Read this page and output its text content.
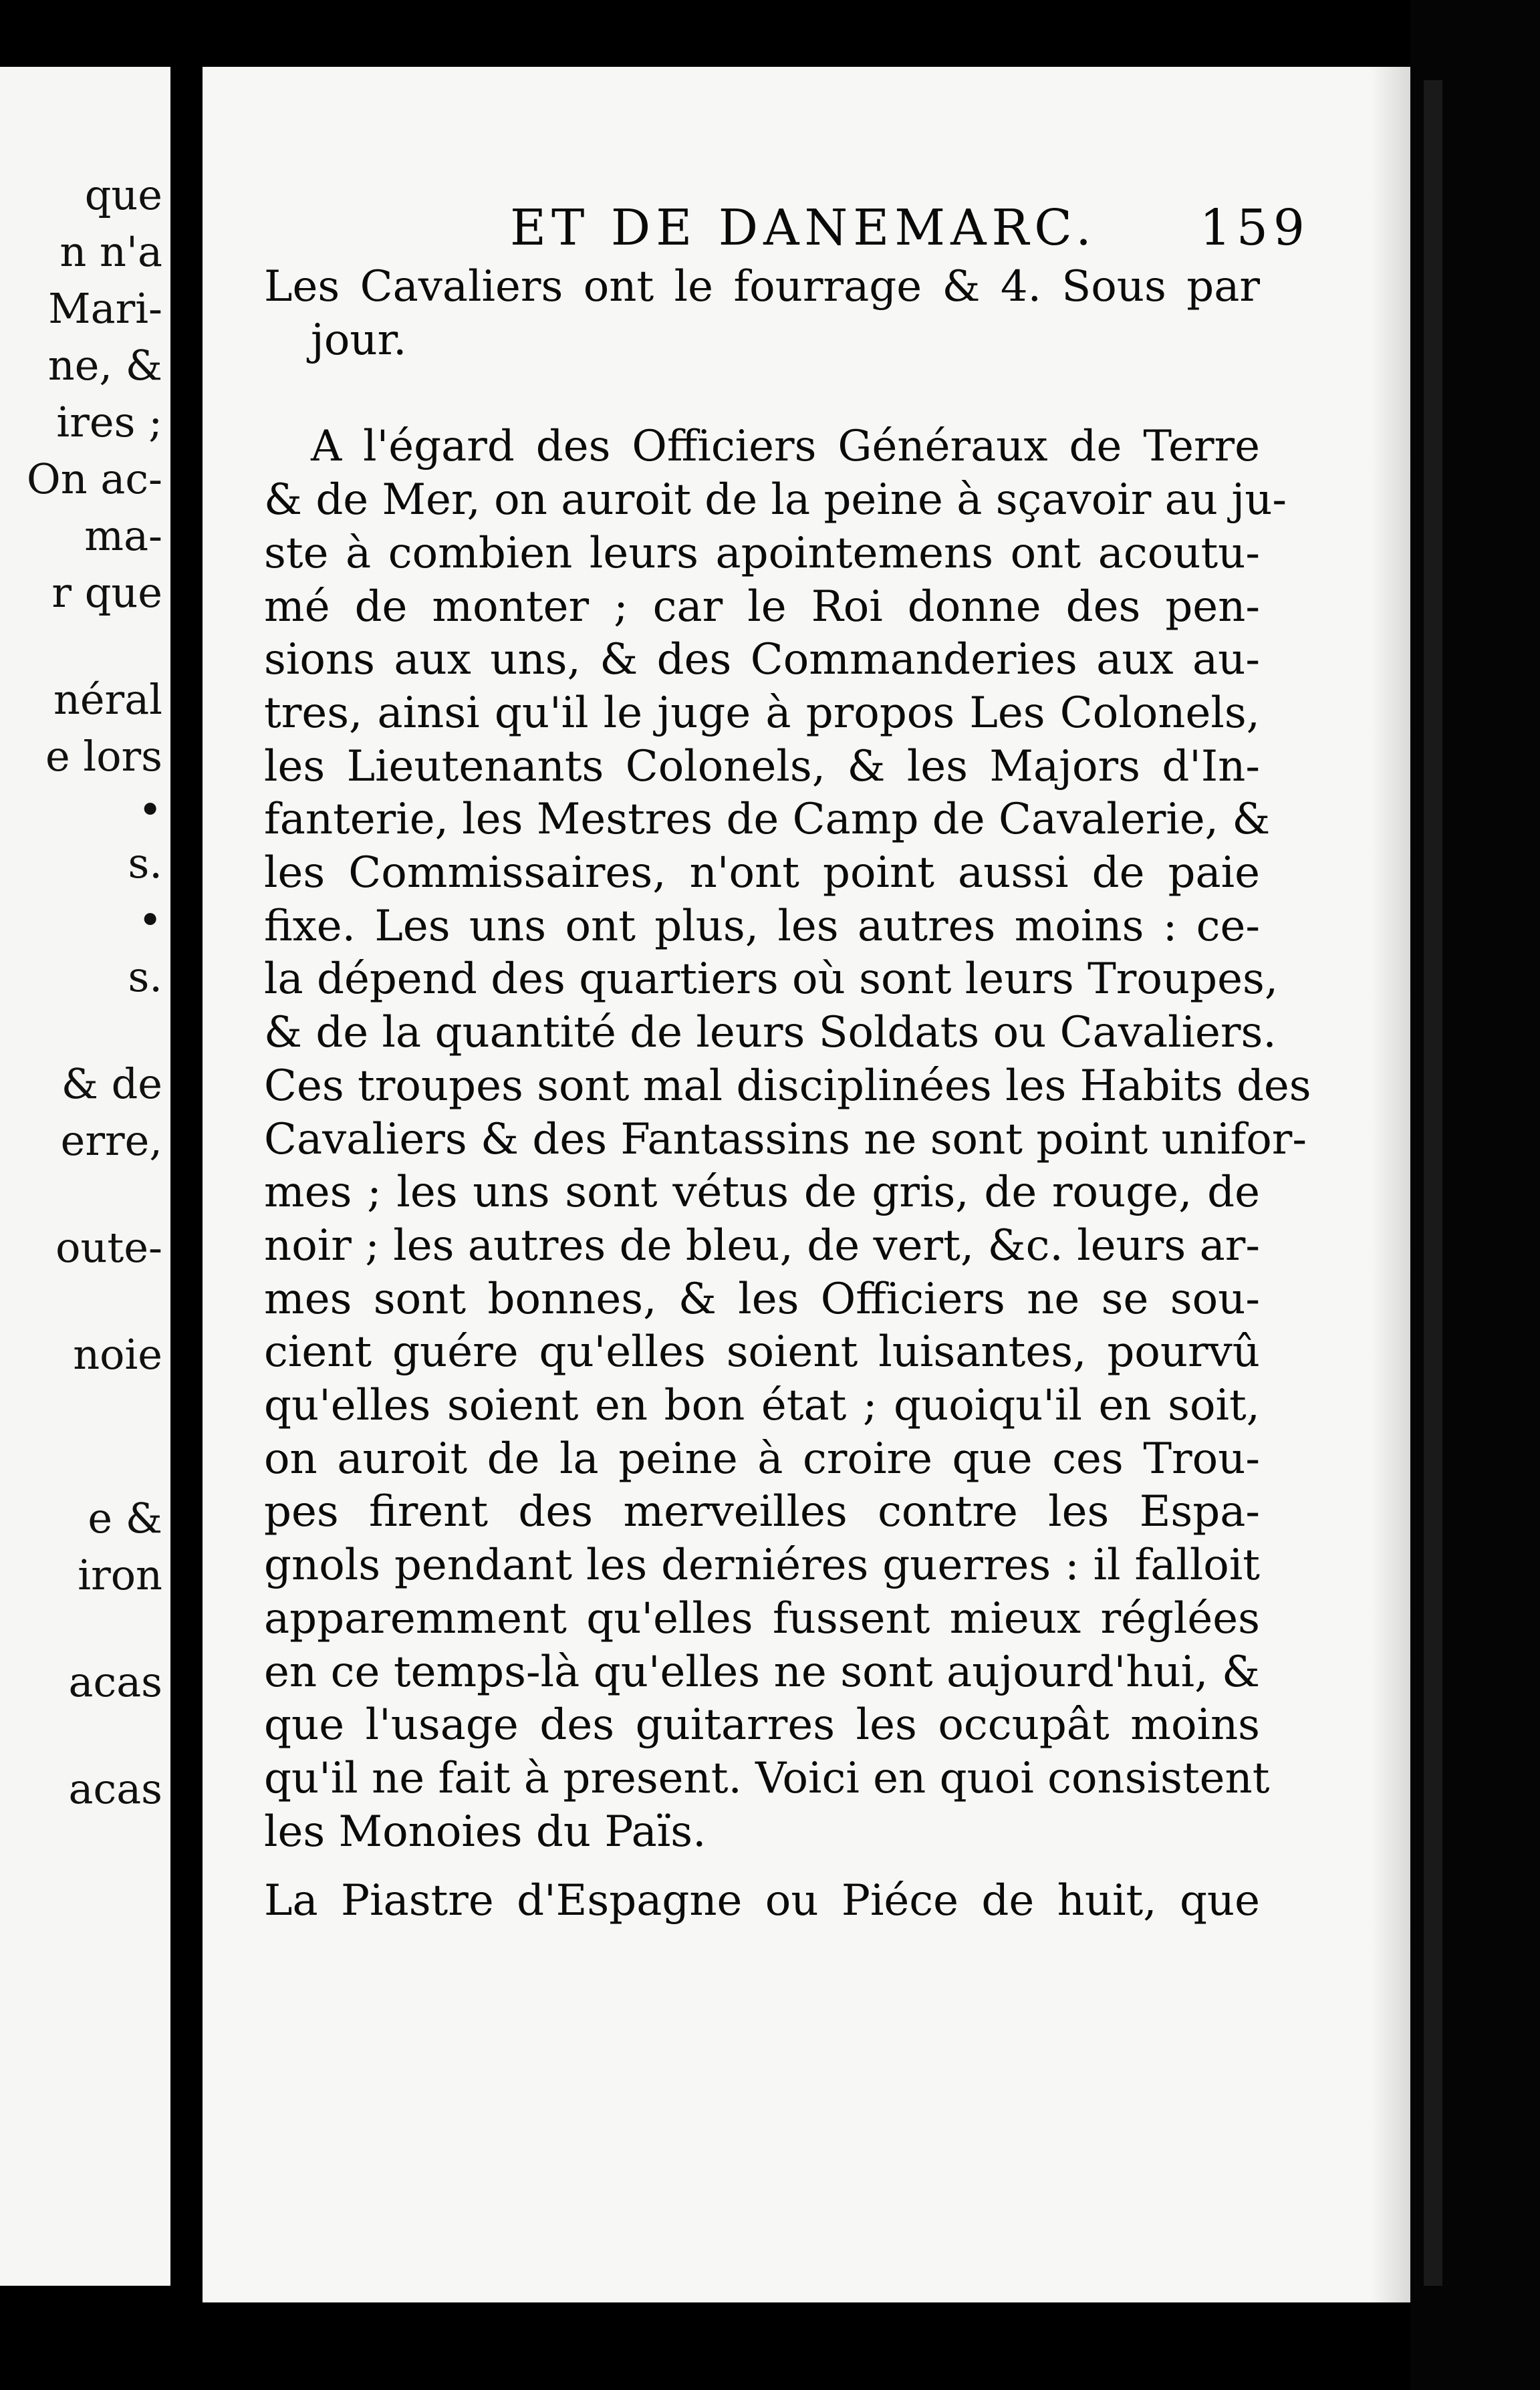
que
n n'a
Mari-
ne, &
ires ;
On ac-
ma-
r que
néral
e lors
•
s.
•
s.
& de
erre,
oute-
noie
e &
iron
acas
acas
ET DE DANEMARC. 159
Les Cavaliers ont le fourrage & 4. Sous par
jour.
A l'égard des Officiers Généraux de Terre
& de Mer, on auroit de la peine à sçavoir au ju-
ste à combien leurs apointemens ont acoutu-
mé de monter ; car le Roi donne des pen-
sions aux uns, & des Commanderies aux au-
tres, ainsi qu'il le juge à propos Les Colonels,
les Lieutenants Colonels, & les Majors d'In-
fanterie, les Mestres de Camp de Cavalerie, &
les Commissaires, n'ont point aussi de paie
fixe. Les uns ont plus, les autres moins : ce-
la dépend des quartiers où sont leurs Troupes,
& de la quantité de leurs Soldats ou Cavaliers.
Ces troupes sont mal disciplinées les Habits des
Cavaliers & des Fantassins ne sont point unifor-
mes ; les uns sont vétus de gris, de rouge, de
noir ; les autres de bleu, de vert, &c. leurs ar-
mes sont bonnes, & les Officiers ne se sou-
cient guére qu'elles soient luisantes, pourvû
qu'elles soient en bon état ; quoiqu'il en soit,
on auroit de la peine à croire que ces Trou-
pes firent des merveilles contre les Espa-
gnols pendant les derniéres guerres : il falloit
apparemment qu'elles fussent mieux réglées
en ce temps-là qu'elles ne sont aujourd'hui, &
que l'usage des guitarres les occupât moins
qu'il ne fait à present. Voici en quoi consistent
les Monoies du Païs.
La Piastre d'Espagne ou Piéce de huit, que
